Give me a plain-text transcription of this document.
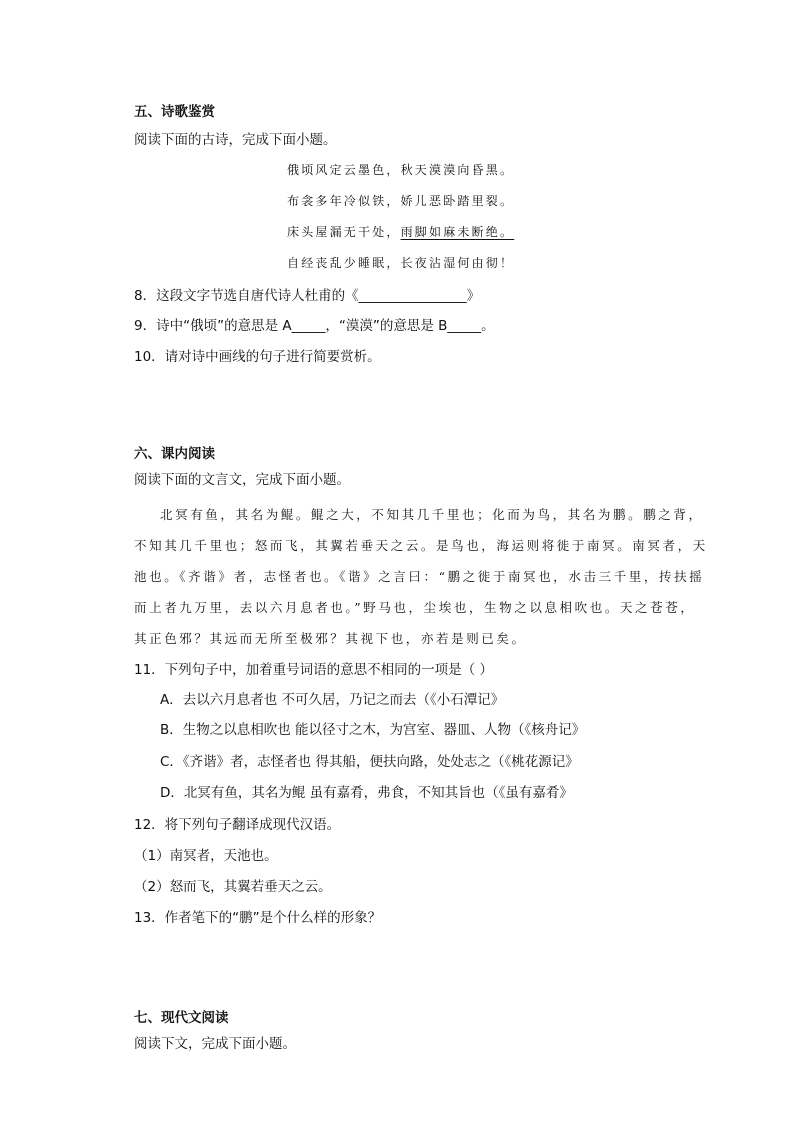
五、诗歌鉴赏
阅读下面的古诗，完成下面小题。
俄顷风定云墨色，秋天漠漠向昏黑。
布衾多年冷似铁，娇儿恶卧踏里裂。
床头屋漏无干处，雨脚如麻未断绝。
自经丧乱少睡眠，长夜沾湿何由彻！
8．这段文字节选自唐代诗人杜甫的《________________》
9．诗中“俄顷”的意思是 A_____，“漠漠”的意思是 B_____。
10．请对诗中画线的句子进行简要赏析。
六、课内阅读
阅读下面的文言文，完成下面小题。
北冥有鱼，其名为鲲。鲲之大，不知其几千里也；化而为鸟，其名为鹏。鹏之背，
不知其几千里也；怒而飞，其翼若垂天之云。是鸟也，海运则将徙于南冥。南冥者，天
池也。《齐谐》者，志怪者也。《谐》之言曰：“鹏之徙于南冥也，水击三千里，抟扶摇
而上者九万里，去以六月息者也。”野马也，尘埃也，生物之以息相吹也。天之苍苍，
其正色邪？其远而无所至极邪？其视下也，亦若是则已矣。
11．下列句子中，加着重号词语的意思不相同的一项是（ ）
A．去以六月息者也 不可久居，乃记之而去（《小石潭记》
B．生物之以息相吹也 能以径寸之木，为宫室、器皿、人物（《核舟记》
C．《齐谐》者，志怪者也 得其船，便扶向路，处处志之（《桃花源记》
D．北冥有鱼，其名为鲲 虽有嘉肴，弗食，不知其旨也（《虽有嘉肴》
12．将下列句子翻译成现代汉语。
（1）南冥者，天池也。
（2）怒而飞，其翼若垂天之云。
13．作者笔下的“鹏”是个什么样的形象？
七、现代文阅读
阅读下文，完成下面小题。
